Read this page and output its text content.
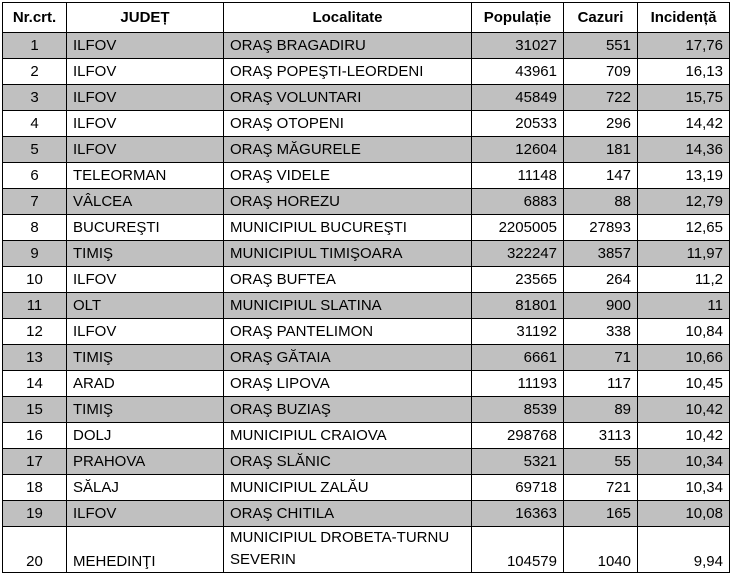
Nr.crt.	JUDEȚ	Localitate	Populație	Cazuri	Incidență
1	ILFOV	ORAŞ BRAGADIRU	31027	551	17,76
2	ILFOV	ORAŞ POPEŞTI-LEORDENI	43961	709	16,13
3	ILFOV	ORAŞ VOLUNTARI	45849	722	15,75
4	ILFOV	ORAŞ OTOPENI	20533	296	14,42
5	ILFOV	ORAŞ MĂGURELE	12604	181	14,36
6	TELEORMAN	ORAŞ VIDELE	11148	147	13,19
7	VÂLCEA	ORAŞ HOREZU	6883	88	12,79
8	BUCUREŞTI	MUNICIPIUL BUCUREŞTI	2205005	27893	12,65
9	TIMIŞ	MUNICIPIUL TIMIŞOARA	322247	3857	11,97
10	ILFOV	ORAŞ BUFTEA	23565	264	11,2
11	OLT	MUNICIPIUL SLATINA	81801	900	11
12	ILFOV	ORAŞ PANTELIMON	31192	338	10,84
13	TIMIŞ	ORAŞ GĂTAIA	6661	71	10,66
14	ARAD	ORAŞ LIPOVA	11193	117	10,45
15	TIMIŞ	ORAŞ BUZIAŞ	8539	89	10,42
16	DOLJ	MUNICIPIUL CRAIOVA	298768	3113	10,42
17	PRAHOVA	ORAŞ SLĂNIC	5321	55	10,34
18	SĂLAJ	MUNICIPIUL ZALĂU	69718	721	10,34
19	ILFOV	ORAŞ CHITILA	16363	165	10,08
20	MEHEDINŢI	MUNICIPIUL DROBETA-TURNU SEVERIN	104579	1040	9,94
